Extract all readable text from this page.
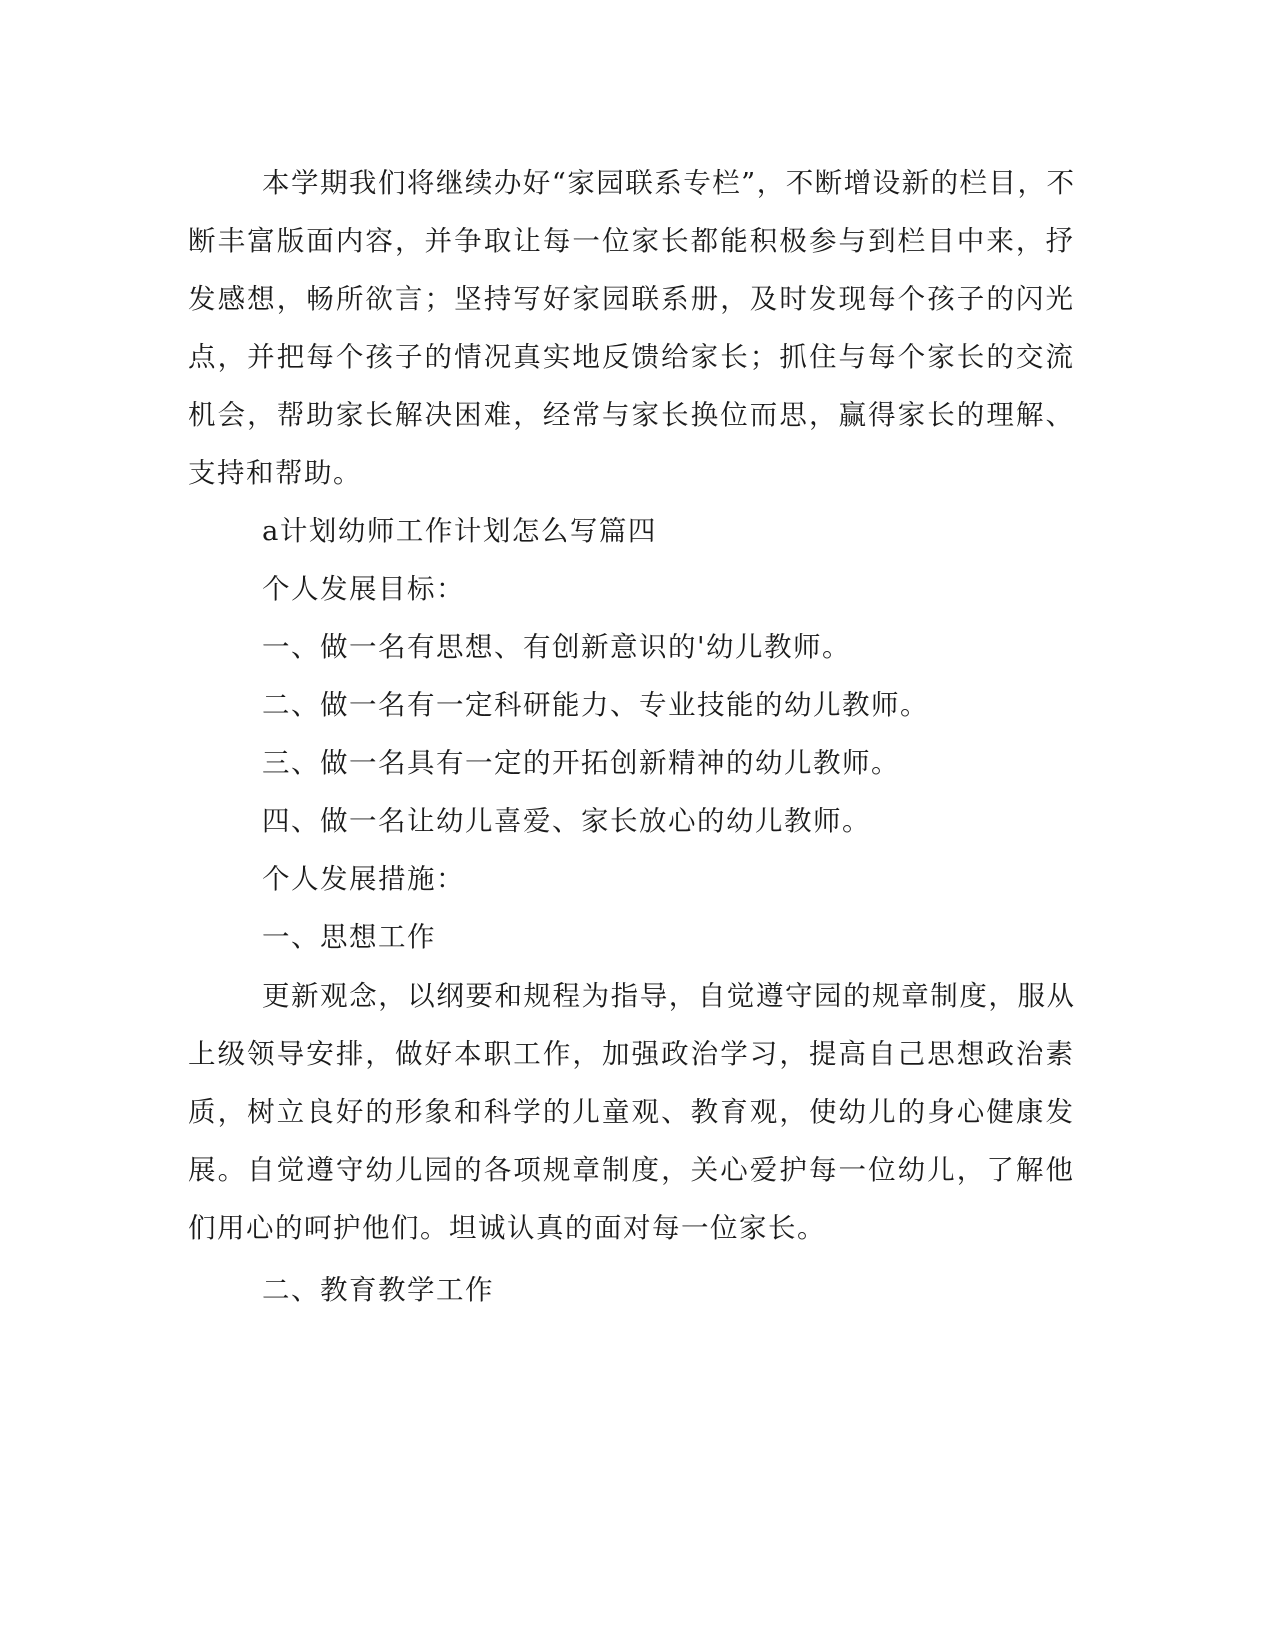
本学期我们将继续办好“家园联系专栏”，不断增设新的栏目，不
断丰富版面内容，并争取让每一位家长都能积极参与到栏目中来，抒
发感想，畅所欲言；坚持写好家园联系册，及时发现每个孩子的闪光
点，并把每个孩子的情况真实地反馈给家长；抓住与每个家长的交流
机会，帮助家长解决困难，经常与家长换位而思，赢得家长的理解、
支持和帮助。
a计划幼师工作计划怎么写篇四
个人发展目标：
一、做一名有思想、有创新意识的'幼儿教师。
二、做一名有一定科研能力、专业技能的幼儿教师。
三、做一名具有一定的开拓创新精神的幼儿教师。
四、做一名让幼儿喜爱、家长放心的幼儿教师。
个人发展措施：
一、思想工作
更新观念，以纲要和规程为指导，自觉遵守园的规章制度，服从
上级领导安排，做好本职工作，加强政治学习，提高自己思想政治素
质，树立良好的形象和科学的儿童观、教育观，使幼儿的身心健康发
展。自觉遵守幼儿园的各项规章制度，关心爱护每一位幼儿，了解他
们用心的呵护他们。坦诚认真的面对每一位家长。
二、教育教学工作
